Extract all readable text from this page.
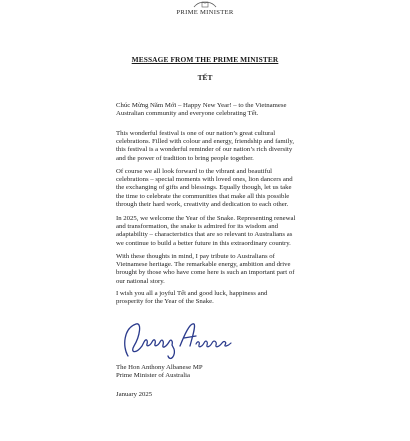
PRIME MINISTER
MESSAGE FROM THE PRIME MINISTER
TẾT

Chúc Mừng Năm Mới – Happy New Year! – to the Vietnamese Australian community and everyone celebrating Tết.

This wonderful festival is one of our nation’s great cultural celebrations. Filled with colour and energy, friendship and family, this festival is a wonderful reminder of our nation’s rich diversity and the power of tradition to bring people together.

Of course we all look forward to the vibrant and beautiful celebrations – special moments with loved ones, lion dancers and the exchanging of gifts and blessings. Equally though, let us take the time to celebrate the communities that make all this possible through their hard work, creativity and dedication to each other.

In 2025, we welcome the Year of the Snake. Representing renewal and transformation, the snake is admired for its wisdom and adaptability – characteristics that are so relevant to Australians as we continue to build a better future in this extraordinary country.

With these thoughts in mind, I pay tribute to Australians of Vietnamese heritage. The remarkable energy, ambition and drive brought by those who have come here is such an important part of our national story.

I wish you all a joyful Tết and good luck, happiness and prosperity for the Year of the Snake.

The Hon Anthony Albanese MP
Prime Minister of Australia
January 2025
